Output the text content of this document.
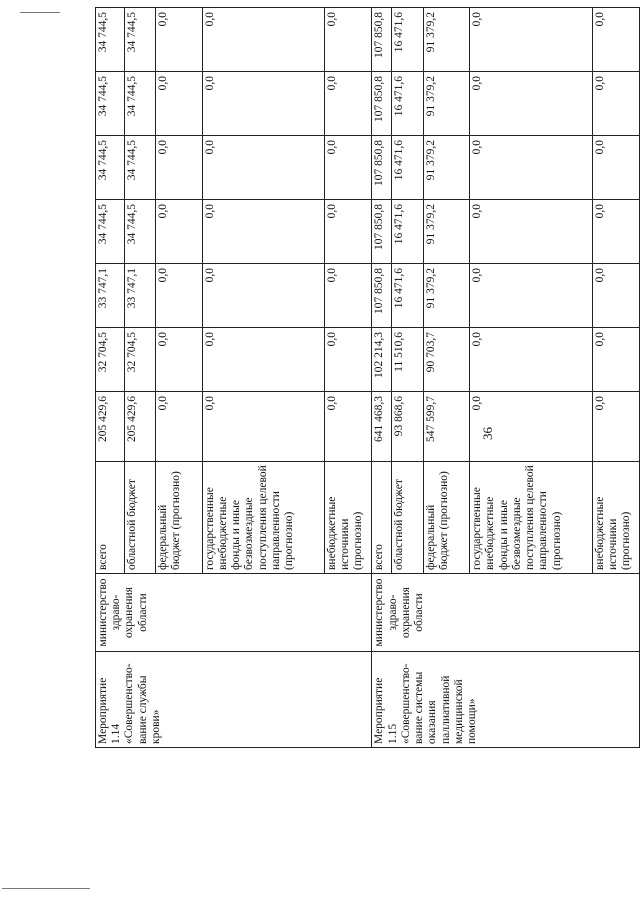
36
Мероприятие 1.14 «Совершенство-вание службы крови»	министерство здраво-охранения области	всего	205 429,6	32 704,5	33 747,1	34 744,5	34 744,5	34 744,5	34 744,5
		областной бюджет	205 429,6	32 704,5	33 747,1	34 744,5	34 744,5	34 744,5	34 744,5
		федеральный бюджет (прогнозно)	0,0	0,0	0,0	0,0	0,0	0,0	0,0
		государственные внебюджетные фонды и иные безвозмездные поступления целевой направленности (прогнозно)	0,0	0,0	0,0	0,0	0,0	0,0	0,0
		внебюджетные источники (прогнозно)	0,0	0,0	0,0	0,0	0,0	0,0	0,0
Мероприятие 1.15 «Совершенство-вание системы оказания паллиативной медицинской помощи»	министерство здраво-охранения области	всего	641 468,3	102 214,3	107 850,8	107 850,8	107 850,8	107 850,8	107 850,8
		областной бюджет	93 868,6	11 510,6	16 471,6	16 471,6	16 471,6	16 471,6	16 471,6
		федеральный бюджет (прогнозно)	547 599,7	90 703,7	91 379,2	91 379,2	91 379,2	91 379,2	91 379,2
		государственные внебюджетные фонды и иные безвозмездные поступления целевой направленности (прогнозно)	0,0	0,0	0,0	0,0	0,0	0,0	0,0
		внебюджетные источники (прогнозно)	0,0	0,0	0,0	0,0	0,0	0,0	0,0
